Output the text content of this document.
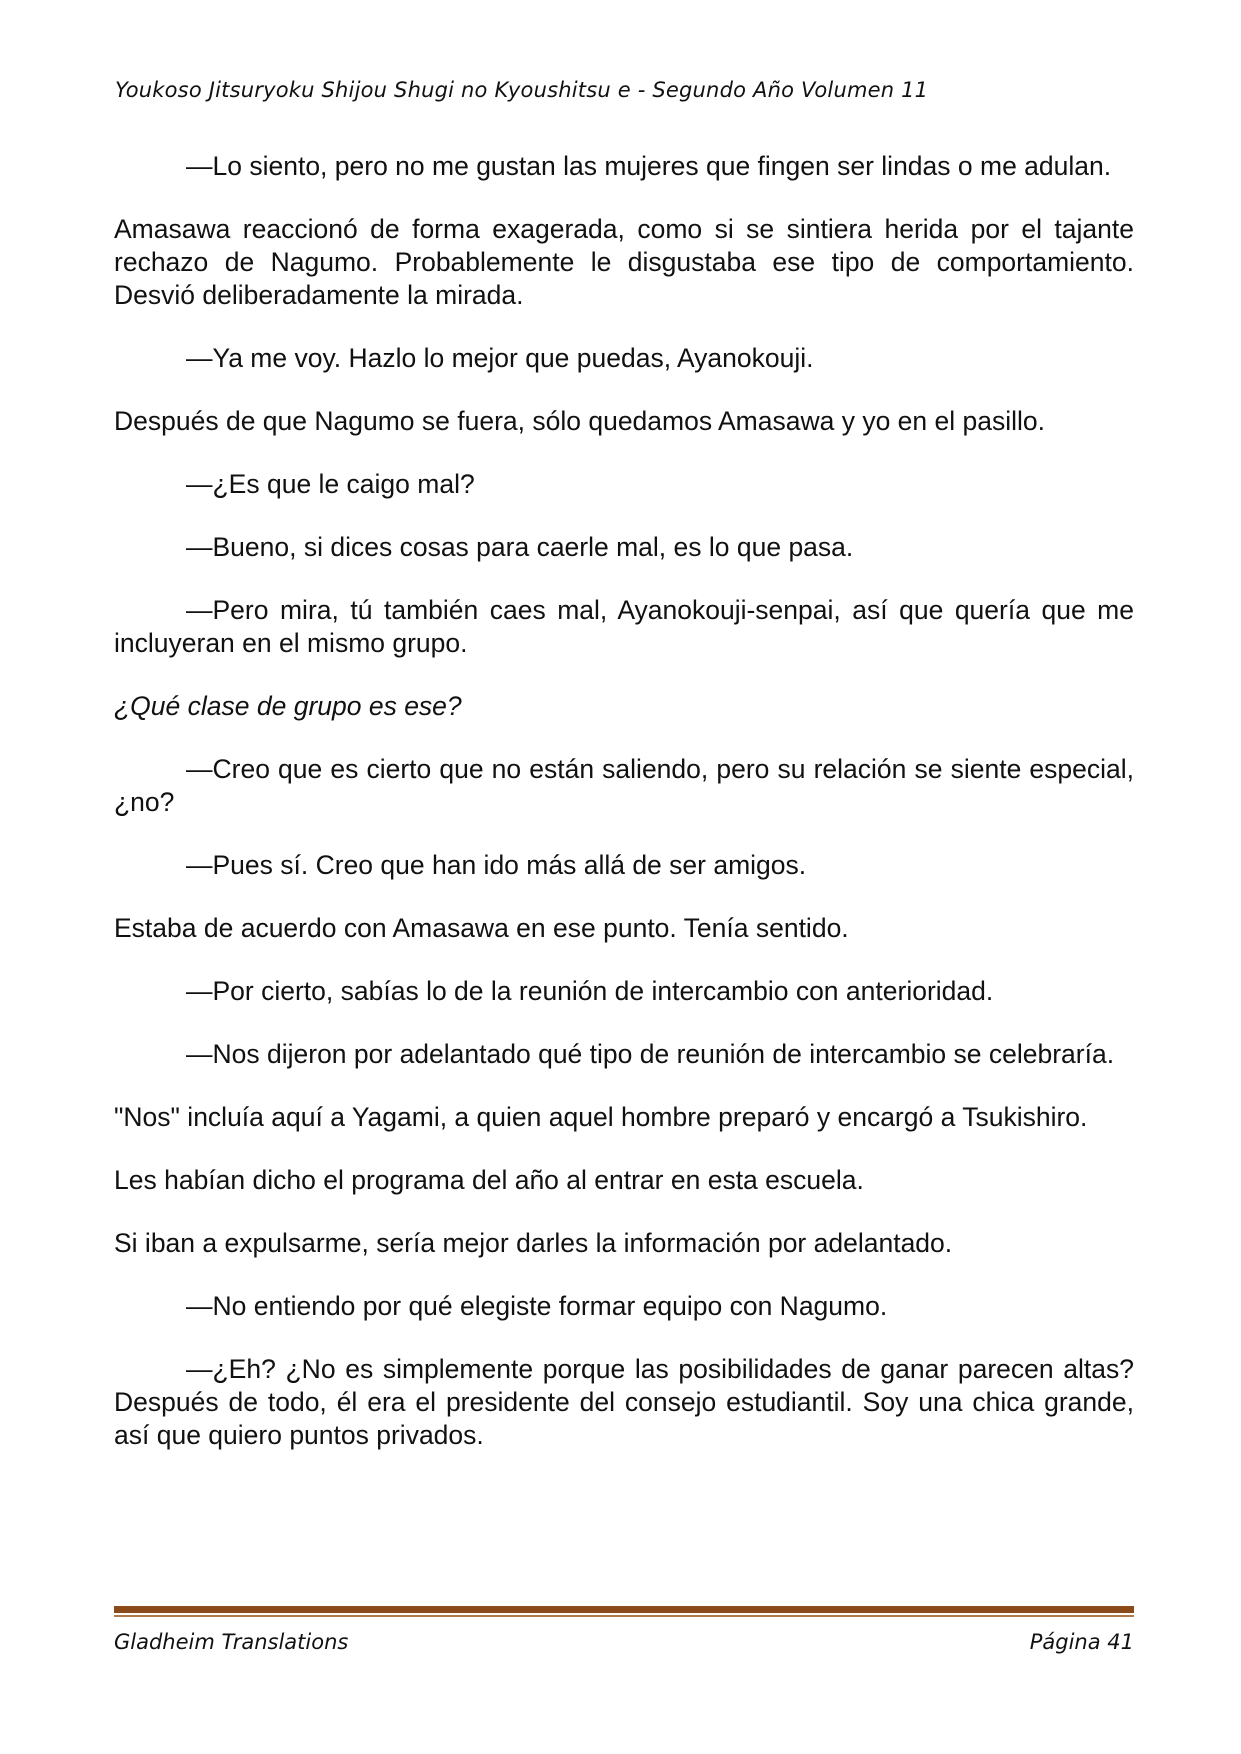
Youkoso Jitsuryoku Shijou Shugi no Kyoushitsu e - Segundo Año Volumen 11

—Lo siento, pero no me gustan las mujeres que fingen ser lindas o me adulan.

Amasawa reaccionó de forma exagerada, como si se sintiera herida por el tajante rechazo de Nagumo. Probablemente le disgustaba ese tipo de comportamiento. Desvió deliberadamente la mirada.

—Ya me voy. Hazlo lo mejor que puedas, Ayanokouji.

Después de que Nagumo se fuera, sólo quedamos Amasawa y yo en el pasillo.

—¿Es que le caigo mal?

—Bueno, si dices cosas para caerle mal, es lo que pasa.

—Pero mira, tú también caes mal, Ayanokouji-senpai, así que quería que me incluyeran en el mismo grupo.

¿Qué clase de grupo es ese?

—Creo que es cierto que no están saliendo, pero su relación se siente especial, ¿no?

—Pues sí. Creo que han ido más allá de ser amigos.

Estaba de acuerdo con Amasawa en ese punto. Tenía sentido.

—Por cierto, sabías lo de la reunión de intercambio con anterioridad.

—Nos dijeron por adelantado qué tipo de reunión de intercambio se celebraría.

"Nos" incluía aquí a Yagami, a quien aquel hombre preparó y encargó a Tsukishiro.

Les habían dicho el programa del año al entrar en esta escuela.

Si iban a expulsarme, sería mejor darles la información por adelantado.

—No entiendo por qué elegiste formar equipo con Nagumo.

—¿Eh? ¿No es simplemente porque las posibilidades de ganar parecen altas? Después de todo, él era el presidente del consejo estudiantil. Soy una chica grande, así que quiero puntos privados.

Gladheim Translations	Página 41
